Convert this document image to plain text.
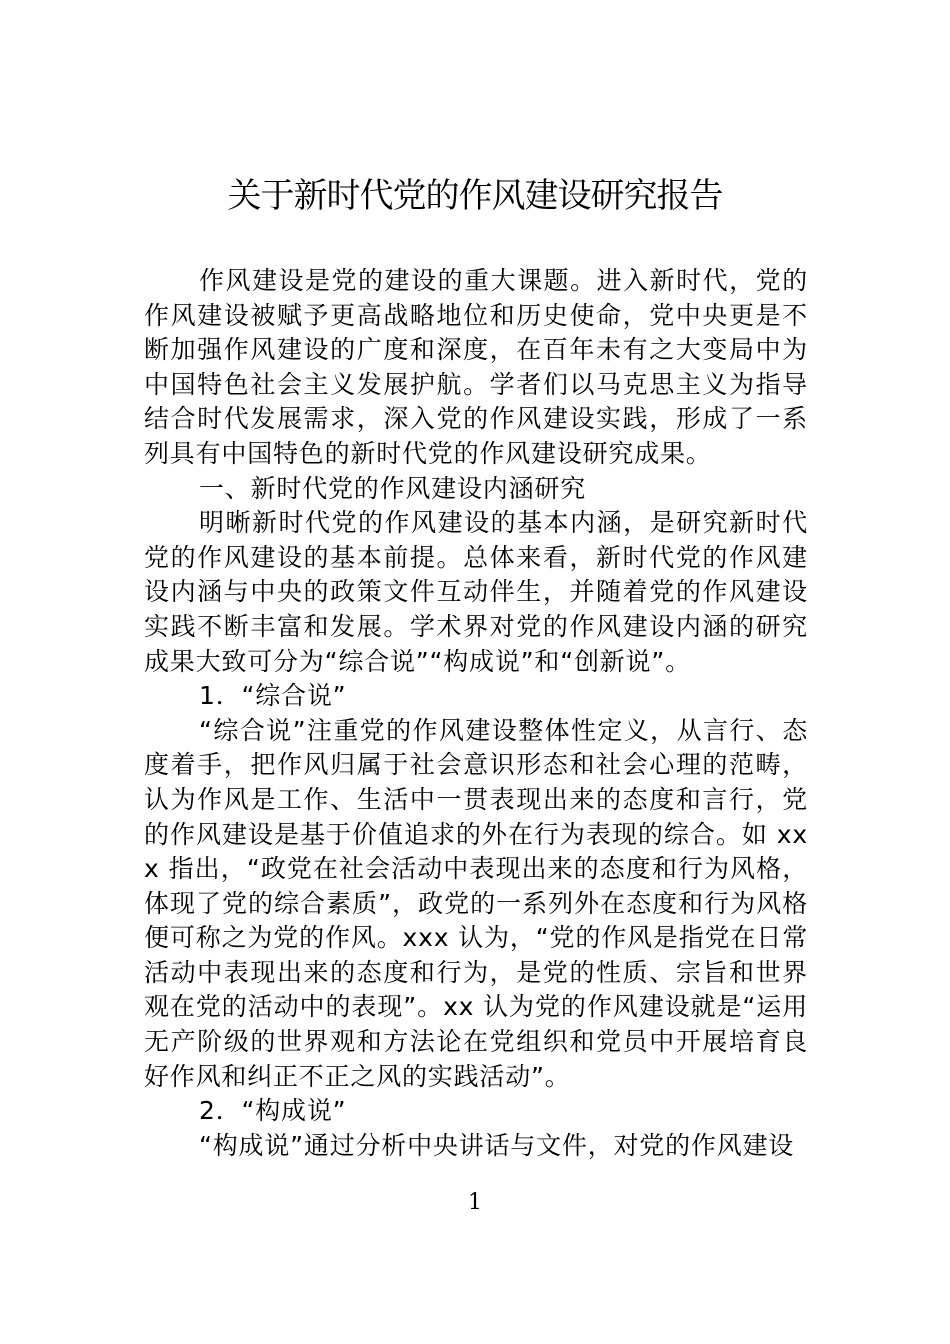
关于新时代党的作风建设研究报告

作风建设是党的建设的重大课题。进入新时代，党的作风建设被赋予更高战略地位和历史使命，党中央更是不断加强作风建设的广度和深度，在百年未有之大变局中为中国特色社会主义发展护航。学者们以马克思主义为指导结合时代发展需求，深入党的作风建设实践，形成了一系列具有中国特色的新时代党的作风建设研究成果。

一、新时代党的作风建设内涵研究

明晰新时代党的作风建设的基本内涵，是研究新时代党的作风建设的基本前提。总体来看，新时代党的作风建设内涵与中央的政策文件互动伴生，并随着党的作风建设实践不断丰富和发展。学术界对党的作风建设内涵的研究成果大致可分为“综合说”“构成说”和“创新说”。

1．“综合说”

“综合说”注重党的作风建设整体性定义，从言行、态度着手，把作风归属于社会意识形态和社会心理的范畴，认为作风是工作、生活中一贯表现出来的态度和言行，党的作风建设是基于价值追求的外在行为表现的综合。如 xxx 指出，“政党在社会活动中表现出来的态度和行为风格，体现了党的综合素质”，政党的一系列外在态度和行为风格便可称之为党的作风。xxx 认为，“党的作风是指党在日常活动中表现出来的态度和行为，是党的性质、宗旨和世界观在党的活动中的表现”。xx 认为党的作风建设就是“运用无产阶级的世界观和方法论在党组织和党员中开展培育良好作风和纠正不正之风的实践活动”。

2．“构成说”

“构成说”通过分析中央讲话与文件，对党的作风建设

1
